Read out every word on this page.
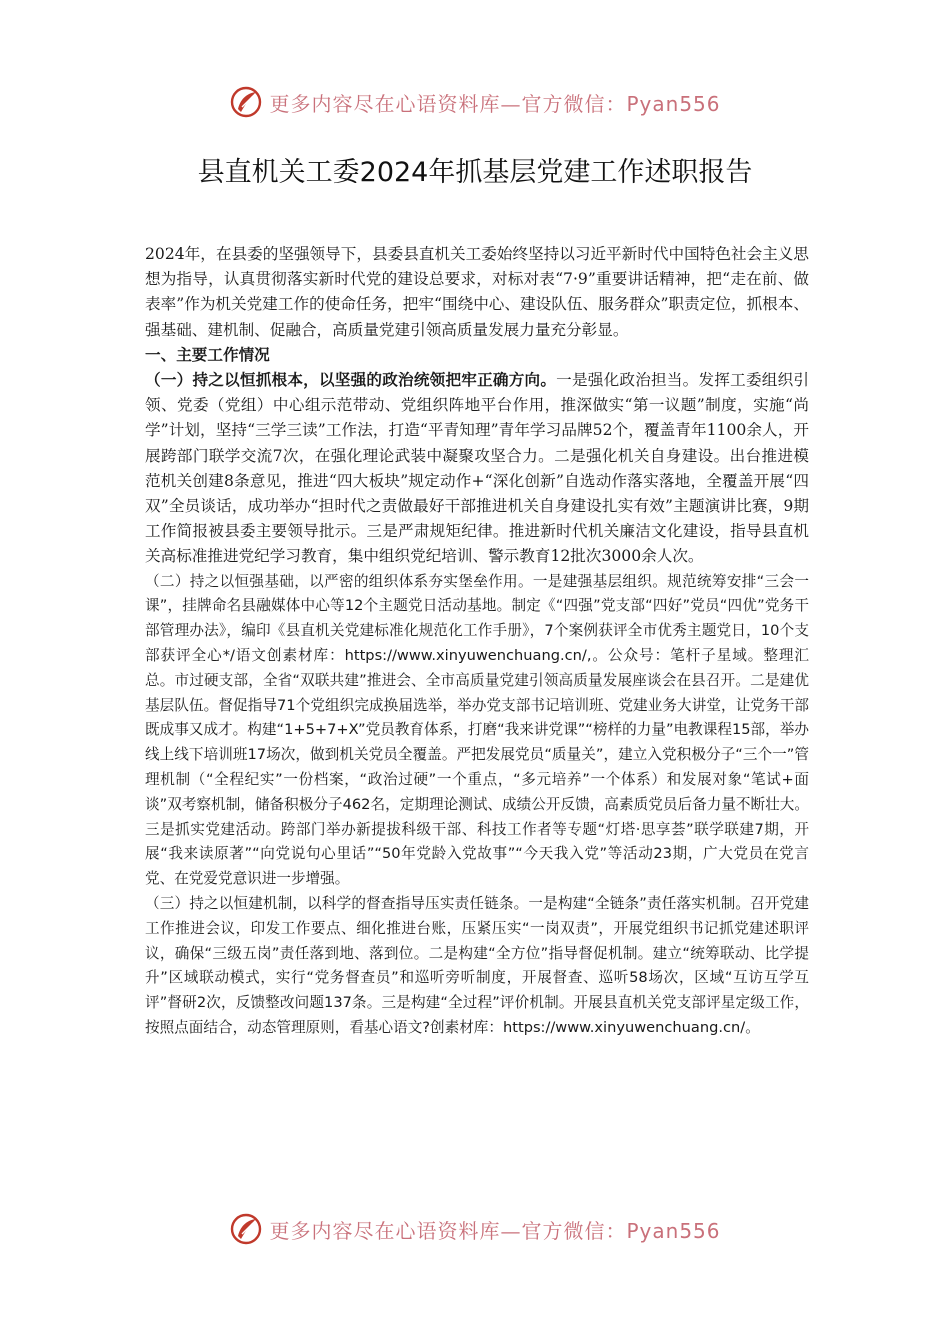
更多内容尽在心语资料库—官方微信：Pyan556
县直机关工委2024年抓基层党建工作述职报告

2024年，在县委的坚强领导下，县委县直机关工委始终坚持以习近平新时代中国特色社会主义思想为指导，认真贯彻落实新时代党的建设总要求，对标对表“7·9”重要讲话精神，把“走在前、做表率”作为机关党建工作的使命任务，把牢“围绕中心、建设队伍、服务群众”职责定位，抓根本、强基础、建机制、促融合，高质量党建引领高质量发展力量充分彰显。

一、主要工作情况

（一）持之以恒抓根本，以坚强的政治统领把牢正确方向。一是强化政治担当。发挥工委组织引领、党委（党组）中心组示范带动、党组织阵地平台作用，推深做实“第一议题”制度，实施“尚学”计划，坚持“三学三读”工作法，打造“平青知理”青年学习品牌52个，覆盖青年1100余人，开展跨部门联学交流7次，在强化理论武装中凝聚攻坚合力。二是强化机关自身建设。出台推进模范机关创建8条意见，推进“四大板块”规定动作+“深化创新”自选动作落实落地，全覆盖开展“四双”全员谈话，成功举办“担时代之责做最好干部推进机关自身建设扎实有效”主题演讲比赛，9期工作简报被县委主要领导批示。三是严肃规矩纪律。推进新时代机关廉洁文化建设，指导县直机关高标准推进党纪学习教育，集中组织党纪培训、警示教育12批次3000余人次。

（二）持之以恒强基础，以严密的组织体系夯实堡垒作用。一是建强基层组织。规范统筹安排“三会一课”，挂牌命名县融媒体中心等12个主题党日活动基地。制定《“四强”党支部“四好”党员“四优”党务干部管理办法》，编印《县直机关党建标准化规范化工作手册》，7个案例获评全市优秀主题党日，10个支部获评全心*/语文创素材库：https://www.xinyuwenchuang.cn/,。公众号：笔杆子星域。整理汇总。市过硬支部，全省“双联共建”推进会、全市高质量党建引领高质量发展座谈会在县召开。二是建优基层队伍。督促指导71个党组织完成换届选举，举办党支部书记培训班、党建业务大讲堂，让党务干部既成事又成才。构建“1+5+7+X”党员教育体系，打磨“我来讲党课”“榜样的力量”电教课程15部，举办线上线下培训班17场次，做到机关党员全覆盖。严把发展党员“质量关”，建立入党积极分子“三个一”管理机制（“全程纪实”一份档案，“政治过硬”一个重点，“多元培养”一个体系）和发展对象“笔试+面谈”双考察机制，储备积极分子462名，定期理论测试、成绩公开反馈，高素质党员后备力量不断壮大。三是抓实党建活动。跨部门举办新提拔科级干部、科技工作者等专题“灯塔·思享荟”联学联建7期，开展“我来读原著”“向党说句心里话”“50年党龄入党故事”“今天我入党”等活动23期，广大党员在党言党、在党爱党意识进一步增强。

（三）持之以恒建机制，以科学的督查指导压实责任链条。一是构建“全链条”责任落实机制。召开党建工作推进会议，印发工作要点、细化推进台账，压紧压实“一岗双责”，开展党组织书记抓党建述职评议，确保“三级五岗”责任落到地、落到位。二是构建“全方位”指导督促机制。建立“统筹联动、比学提升”区域联动模式，实行“党务督查员”和巡听旁听制度，开展督查、巡听58场次，区域“互访互学互评”督研2次，反馈整改问题137条。三是构建“全过程”评价机制。开展县直机关党支部评星定级工作，按照点面结合，动态管理原则，看基心语文?创素材库：https://www.xinyuwenchuang.cn/。

更多内容尽在心语资料库—官方微信：Pyan556
